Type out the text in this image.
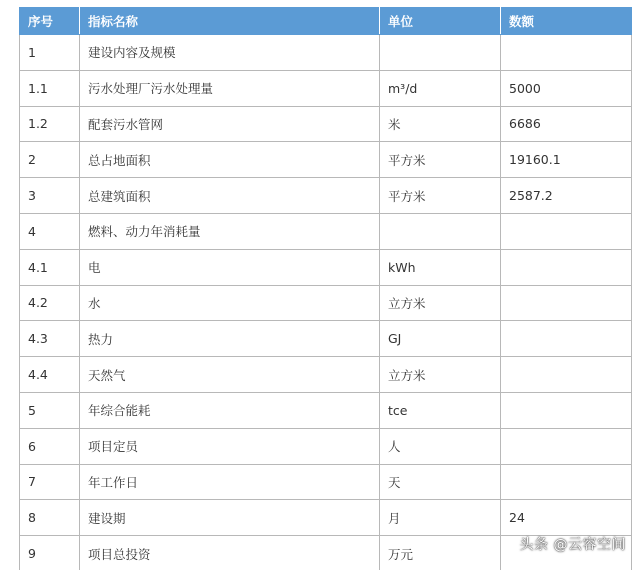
序号	指标名称	单位	数额
1	建设内容及规模		
1.1	污水处理厂污水处理量	m³/d	5000
1.2	配套污水管网	米	6686
2	总占地面积	平方米	19160.1
3	总建筑面积	平方米	2587.2
4	燃料、动力年消耗量		
4.1	电	kWh	
4.2	水	立方米	
4.3	热力	GJ	
4.4	天然气	立方米	
5	年综合能耗	tce	
6	项目定员	人	
7	年工作日	天	
8	建设期	月	24
9	项目总投资	万元	
头条 @云容空间
